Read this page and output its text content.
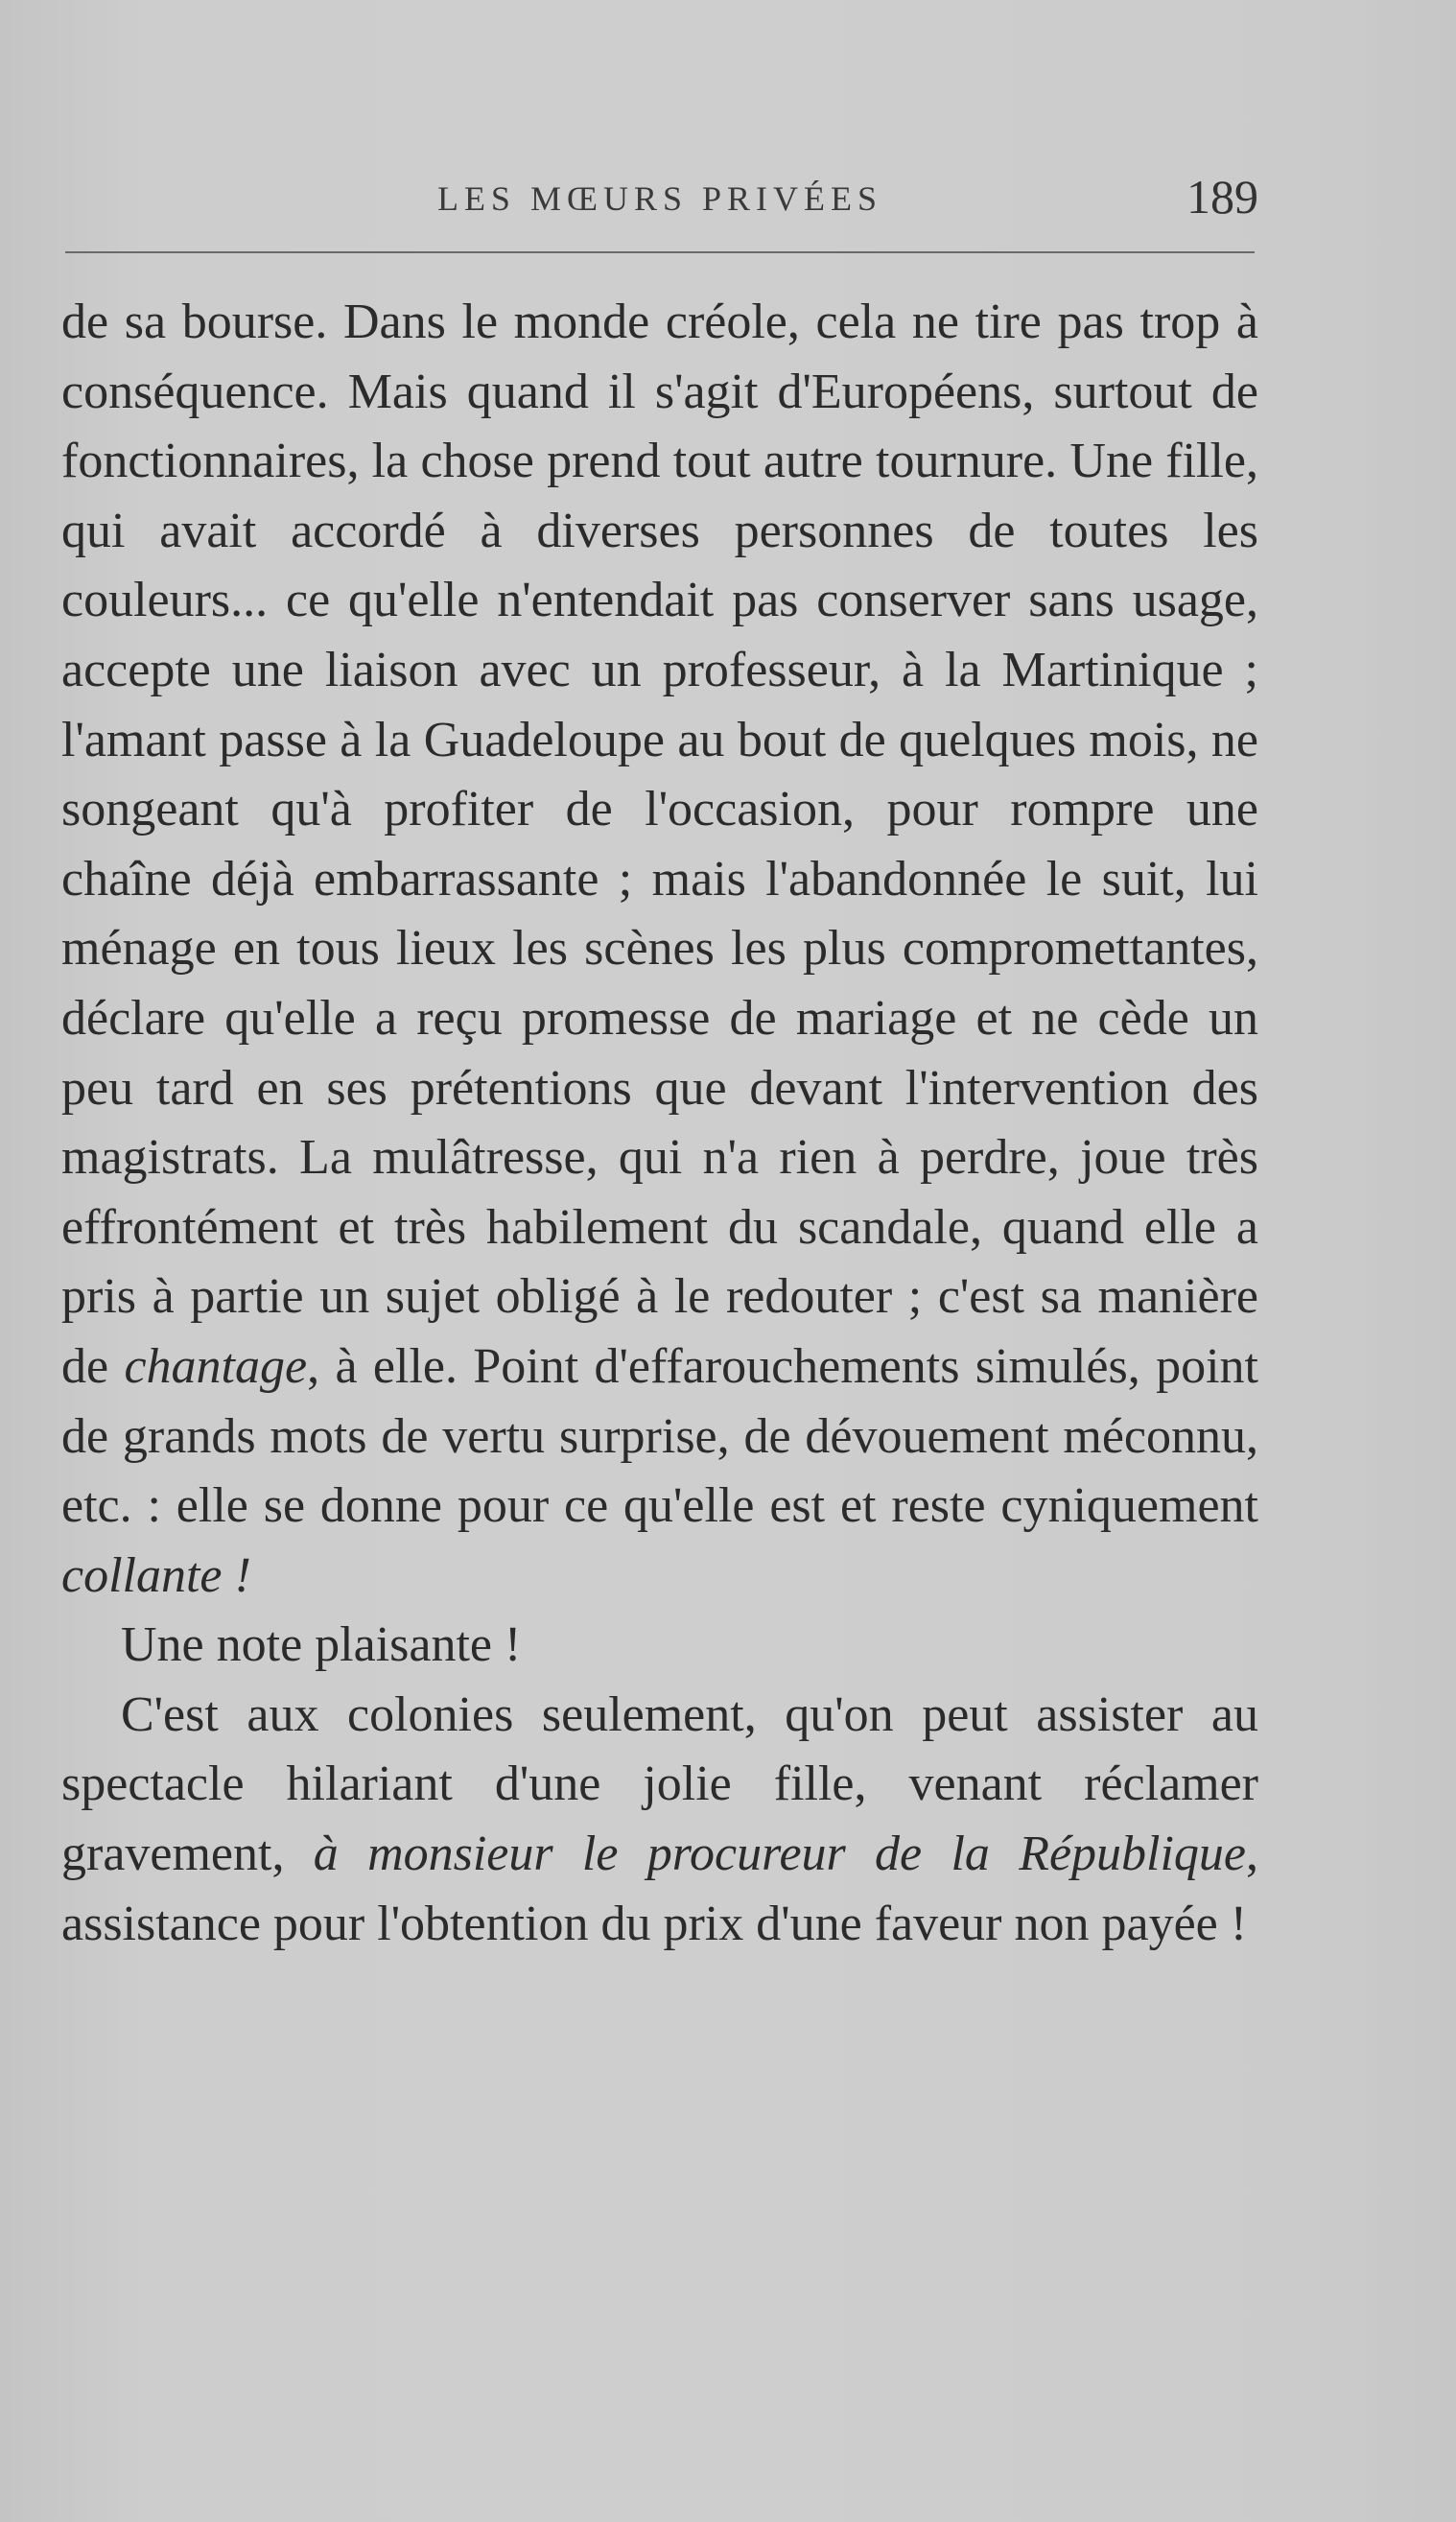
LES MŒURS PRIVÉES	189

de sa bourse. Dans le monde créole, cela ne tire pas trop à conséquence. Mais quand il s'agit d'Européens, surtout de fonctionnaires, la chose prend tout autre tournure. Une fille, qui avait accordé à diverses personnes de toutes les couleurs... ce qu'elle n'entendait pas conserver sans usage, accepte une liaison avec un professeur, à la Martinique ; l'amant passe à la Guadeloupe au bout de quelques mois, ne songeant qu'à profiter de l'occasion, pour rompre une chaîne déjà embarrassante ; mais l'abandonnée le suit, lui ménage en tous lieux les scènes les plus compromettantes, déclare qu'elle a reçu promesse de mariage et ne cède un peu tard en ses prétentions que devant l'intervention des magistrats. La mulâtresse, qui n'a rien à perdre, joue très effrontément et très habilement du scandale, quand elle a pris à partie un sujet obligé à le redouter ; c'est sa manière de chantage, à elle. Point d'effarouchements simulés, point de grands mots de vertu surprise, de dévouement méconnu, etc. : elle se donne pour ce qu'elle est et reste cyniquement collante !

Une note plaisante !

C'est aux colonies seulement, qu'on peut assister au spectacle hilariant d'une jolie fille, venant réclamer gravement, à monsieur le procureur de la République, assistance pour l'obtention du prix d'une faveur non payée !
